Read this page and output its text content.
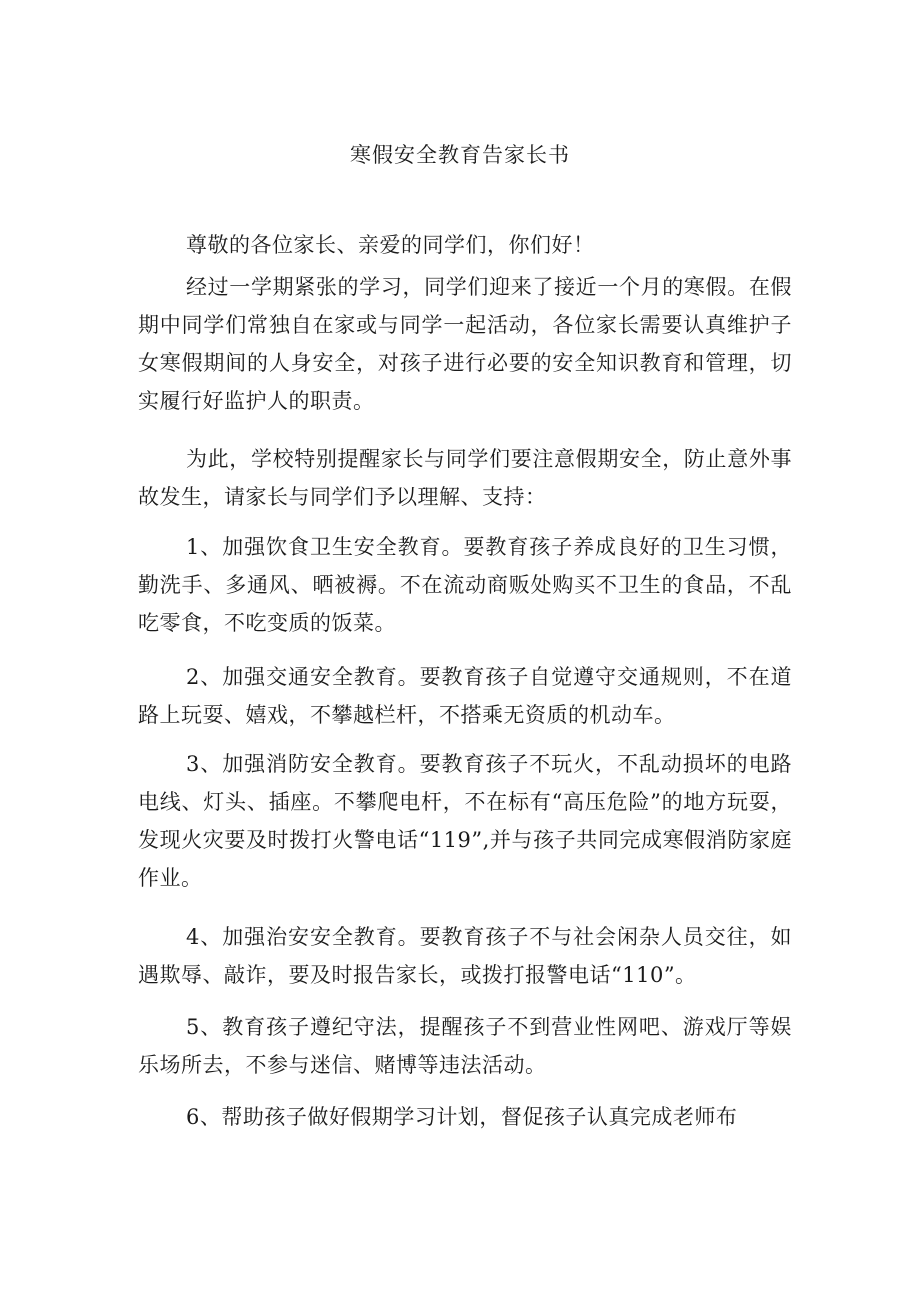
寒假安全教育告家长书

尊敬的各位家长、亲爱的同学们，你们好！

经过一学期紧张的学习，同学们迎来了接近一个月的寒假。在假期中同学们常独自在家或与同学一起活动，各位家长需要认真维护子女寒假期间的人身安全，对孩子进行必要的安全知识教育和管理，切实履行好监护人的职责。

为此，学校特别提醒家长与同学们要注意假期安全，防止意外事故发生，请家长与同学们予以理解、支持：

1、加强饮食卫生安全教育。要教育孩子养成良好的卫生习惯，勤洗手、多通风、晒被褥。不在流动商贩处购买不卫生的食品，不乱吃零食，不吃变质的饭菜。

2、加强交通安全教育。要教育孩子自觉遵守交通规则，不在道路上玩耍、嬉戏，不攀越栏杆，不搭乘无资质的机动车。

3、加强消防安全教育。要教育孩子不玩火，不乱动损坏的电路电线、灯头、插座。不攀爬电杆，不在标有“高压危险”的地方玩耍，发现火灾要及时拨打火警电话“119”,并与孩子共同完成寒假消防家庭作业。

4、加强治安安全教育。要教育孩子不与社会闲杂人员交往，如遇欺辱、敲诈，要及时报告家长，或拨打报警电话“110”。

5、教育孩子遵纪守法，提醒孩子不到营业性网吧、游戏厅等娱乐场所去，不参与迷信、赌博等违法活动。

6、帮助孩子做好假期学习计划，督促孩子认真完成老师布
